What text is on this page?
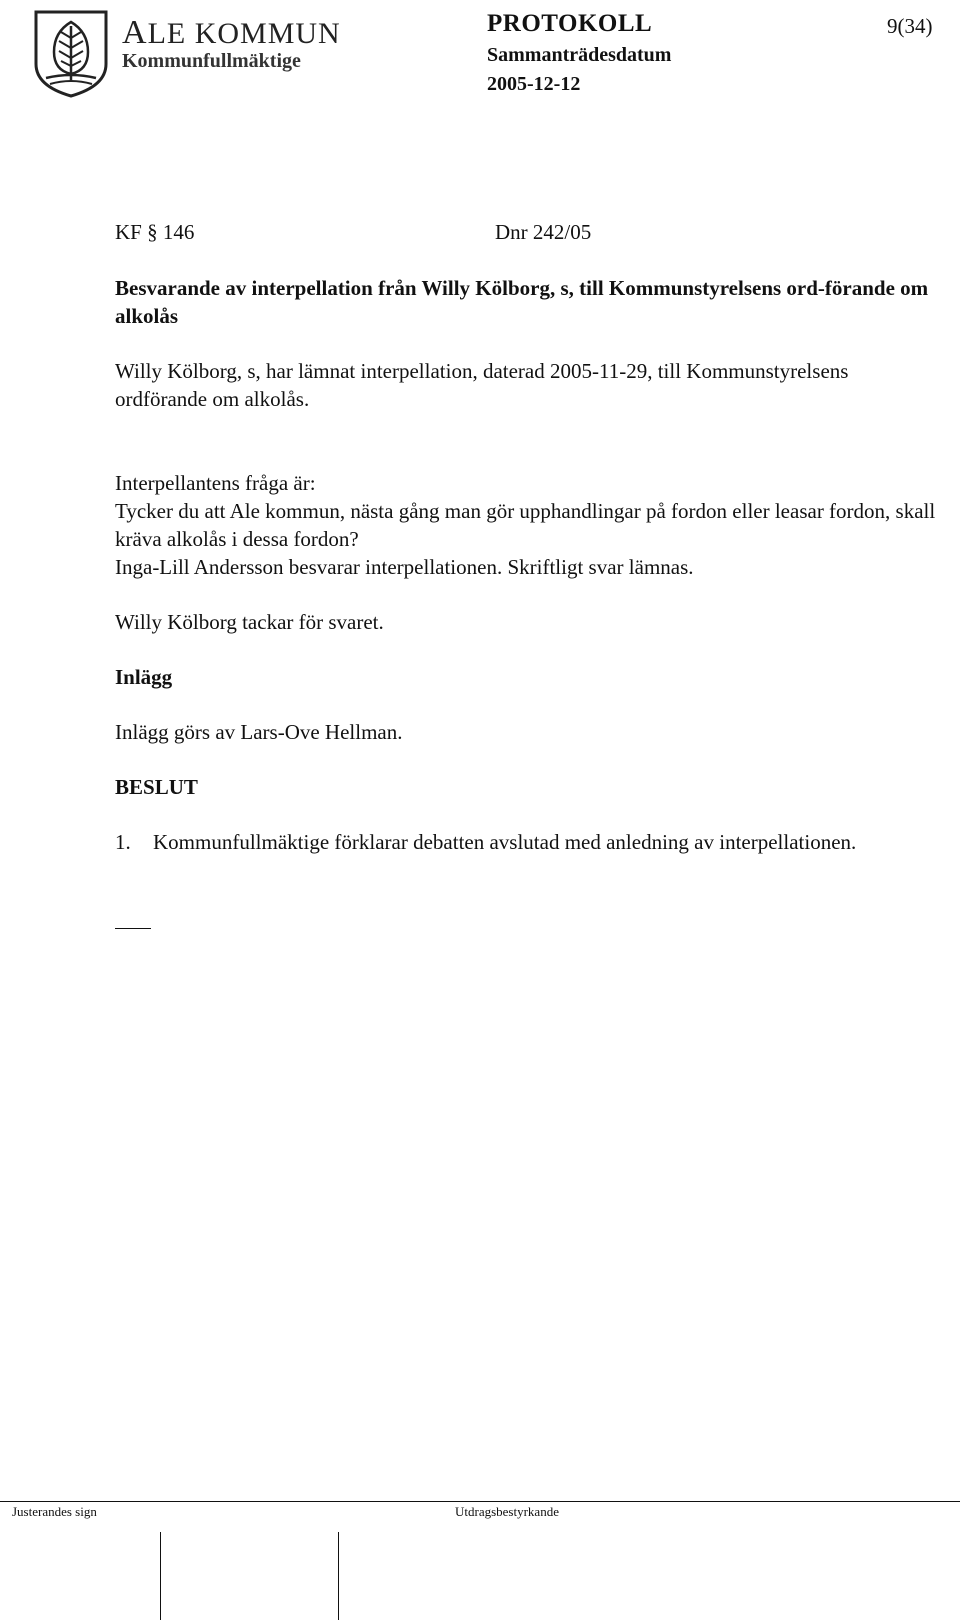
ALE KOMMUN
Kommunfullmäktige
PROTOKOLL	9(34)
Sammanträdesdatum
2005-12-12
KF § 146	Dnr 242/05
Besvarande av interpellation från Willy Kölborg, s, till Kommunstyrelsens ord-förande om alkolås
Willy Kölborg, s, har lämnat interpellation, daterad 2005-11-29, till Kommunstyrelsens ordförande om alkolås.
Interpellantens fråga är:
Tycker du att Ale kommun, nästa gång man gör upphandlingar på fordon eller leasar fordon, skall kräva alkolås i dessa fordon?
Inga-Lill Andersson besvarar interpellationen. Skriftligt svar lämnas.
Willy Kölborg tackar för svaret.
Inlägg
Inlägg görs av Lars-Ove Hellman.
BESLUT
1.	Kommunfullmäktige förklarar debatten avslutad med anledning av interpellationen.
Justerandes sign	Utdragsbestyrkande
